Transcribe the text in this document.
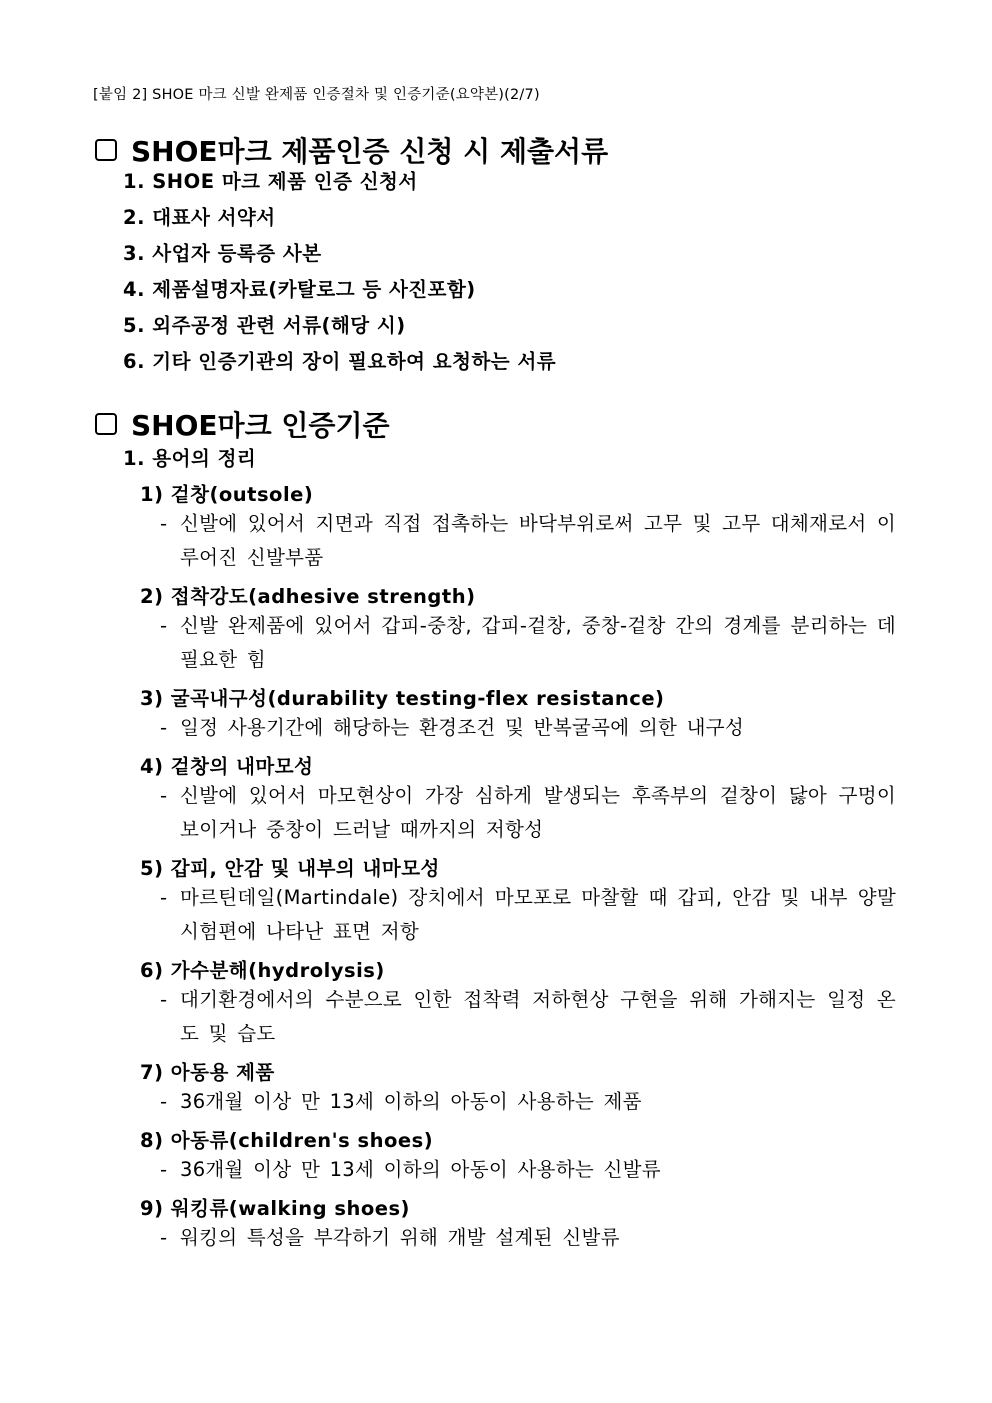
[붙임 2] SHOE 마크 신발 완제품 인증절차 및 인증기준(요약본)(2/7)
SHOE마크 제품인증 신청 시 제출서류
1. SHOE 마크 제품 인증 신청서
2. 대표사 서약서
3. 사업자 등록증 사본
4. 제품설명자료(카탈로그 등 사진포함)
5. 외주공정 관련 서류(해당 시)
6. 기타 인증기관의 장이 필요하여 요청하는 서류
SHOE마크 인증기준
1. 용어의 정리
1) 겉창(outsole)
- 신발에 있어서 지면과 직접 접촉하는 바닥부위로써 고무 및 고무 대체재로서 이루어진 신발부품
2) 접착강도(adhesive strength)
- 신발 완제품에 있어서 갑피-중창, 갑피-겉창, 중창-겉창 간의 경계를 분리하는 데 필요한 힘
3) 굴곡내구성(durability testing-flex resistance)
- 일정 사용기간에 해당하는 환경조건 및 반복굴곡에 의한 내구성
4) 겉창의 내마모성
- 신발에 있어서 마모현상이 가장 심하게 발생되는 후족부의 겉창이 닳아 구멍이 보이거나 중창이 드러날 때까지의 저항성
5) 갑피, 안감 및 내부의 내마모성
- 마르틴데일(Martindale) 장치에서 마모포로 마찰할 때 갑피, 안감 및 내부 양말 시험편에 나타난 표면 저항
6) 가수분해(hydrolysis)
- 대기환경에서의 수분으로 인한 접착력 저하현상 구현을 위해 가해지는 일정 온도 및 습도
7) 아동용 제품
- 36개월 이상 만 13세 이하의 아동이 사용하는 제품
8) 아동류(children's shoes)
- 36개월 이상 만 13세 이하의 아동이 사용하는 신발류
9) 워킹류(walking shoes)
- 워킹의 특성을 부각하기 위해 개발 설계된 신발류
